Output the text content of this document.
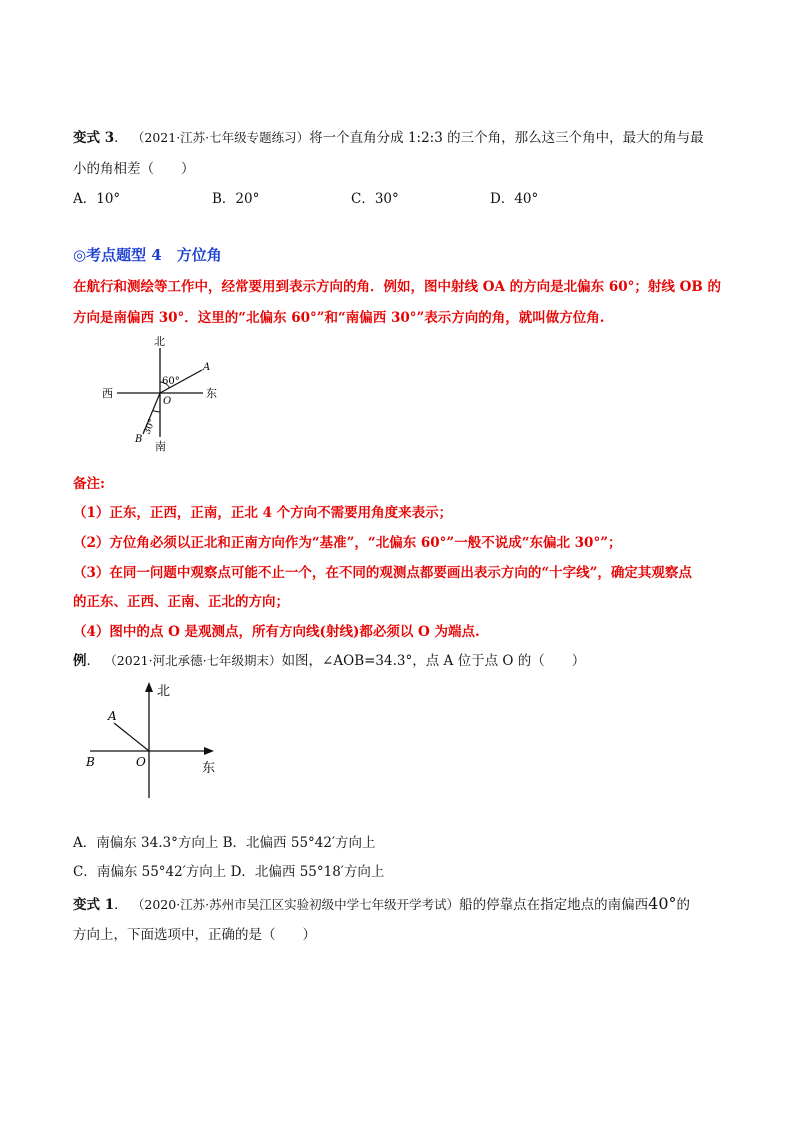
变式 3． （2021·江苏·七年级专题练习）将一个直角分成 1:2:3 的三个角，那么这三个角中，最大的角与最
小的角相差（　　）
A．10°	B．20°	C．30°	D．40°
◎考点题型 4　方位角
在航行和测绘等工作中，经常要用到表示方向的角．例如，图中射线 OA 的方向是北偏东 60°；射线 OB 的
方向是南偏西 30°．这里的“北偏东 60°”和“南偏西 30°”表示方向的角，就叫做方位角.
北
南
西	东
O
A
B
60°
30°
备注:
（1）正东，正西，正南，正北 4 个方向不需要用角度来表示；
（2）方位角必须以正北和正南方向作为“基准”，“北偏东 60°”一般不说成“东偏北 30°”；
（3）在同一问题中观察点可能不止一个，在不同的观测点都要画出表示方向的“十字线”，确定其观察点
的正东、正西、正南、正北的方向；
（4）图中的点 O 是观测点，所有方向线(射线)都必须以 O 为端点.
例． （2021·河北承德·七年级期末）如图，∠AOB=34.3°，点 A 位于点 O 的（　　）
北
东
O
A
B
A．南偏东 34.3°方向上 B．北偏西 55°42′方向上
C．南偏东 55°42′方向上 D．北偏西 55°18′方向上
变式 1． （2020·江苏·苏州市吴江区实验初级中学七年级开学考试）船的停靠点在指定地点的南偏西40°的
方向上，下面选项中，正确的是（　　）
